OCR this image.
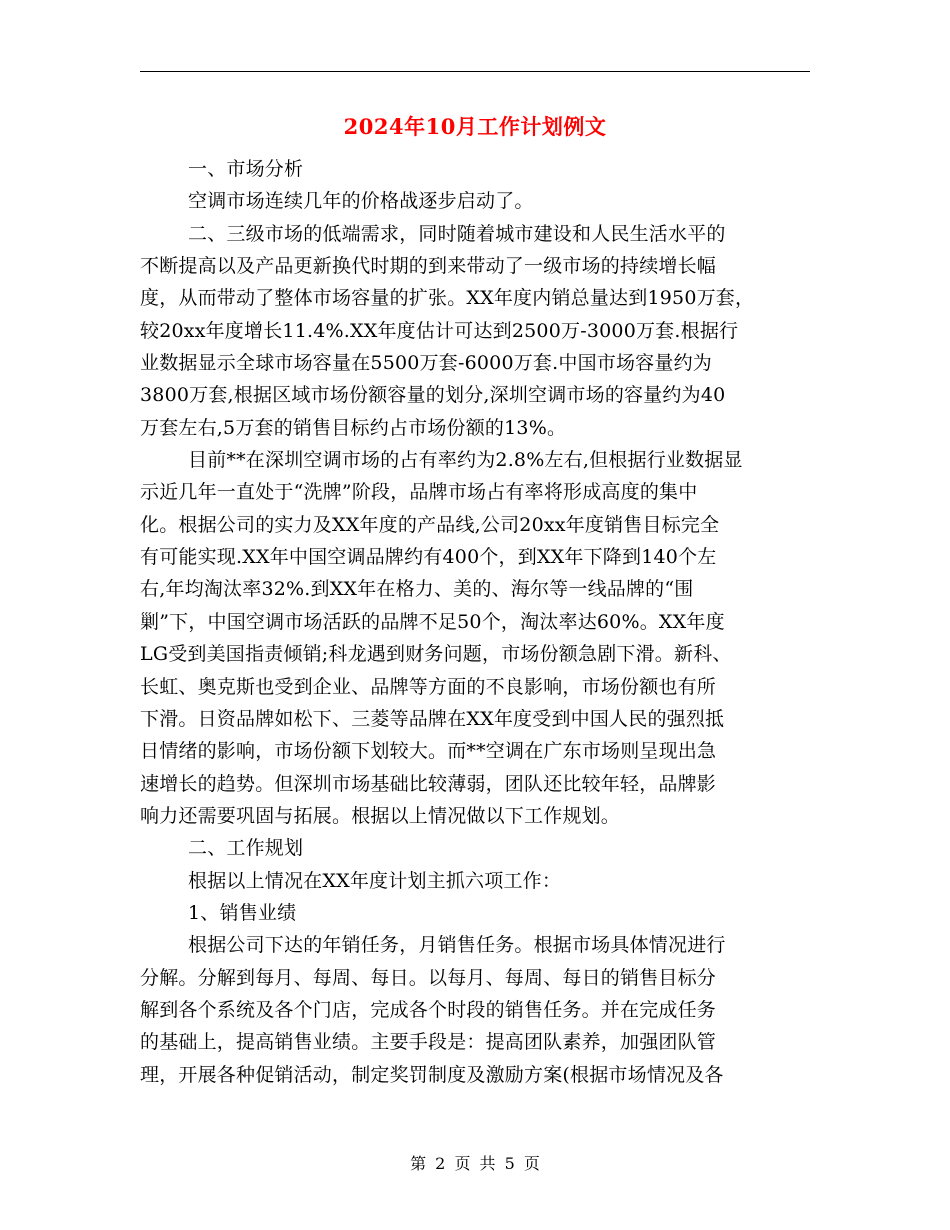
2024年10月工作计划例文
一、市场分析
空调市场连续几年的价格战逐步启动了。
二、三级市场的低端需求，同时随着城市建设和人民生活水平的
不断提高以及产品更新换代时期的到来带动了一级市场的持续增长幅
度，从而带动了整体市场容量的扩张。XX年度内销总量达到1950万套，
较20xx年度增长11.4%.XX年度估计可达到2500万-3000万套.根据行
业数据显示全球市场容量在5500万套-6000万套.中国市场容量约为
3800万套,根据区域市场份额容量的划分,深圳空调市场的容量约为40
万套左右,5万套的销售目标约占市场份额的13%。
目前**在深圳空调市场的占有率约为2.8%左右,但根据行业数据显
示近几年一直处于“洗牌”阶段，品牌市场占有率将形成高度的集中
化。根据公司的实力及XX年度的产品线,公司20xx年度销售目标完全
有可能实现.XX年中国空调品牌约有400个，到XX年下降到140个左
右,年均淘汰率32%.到XX年在格力、美的、海尔等一线品牌的“围
剿”下，中国空调市场活跃的品牌不足50个，淘汰率达60%。XX年度
LG受到美国指责倾销;科龙遇到财务问题，市场份额急剧下滑。新科、
长虹、奥克斯也受到企业、品牌等方面的不良影响，市场份额也有所
下滑。日资品牌如松下、三菱等品牌在XX年度受到中国人民的强烈抵
日情绪的影响，市场份额下划较大。而**空调在广东市场则呈现出急
速增长的趋势。但深圳市场基础比较薄弱，团队还比较年轻，品牌影
响力还需要巩固与拓展。根据以上情况做以下工作规划。
二、工作规划
根据以上情况在XX年度计划主抓六项工作：
1、销售业绩
根据公司下达的年销任务，月销售任务。根据市场具体情况进行
分解。分解到每月、每周、每日。以每月、每周、每日的销售目标分
解到各个系统及各个门店，完成各个时段的销售任务。并在完成任务
的基础上，提高销售业绩。主要手段是：提高团队素养，加强团队管
理，开展各种促销活动，制定奖罚制度及激励方案(根据市场情况及各
第 2 页 共 5 页
